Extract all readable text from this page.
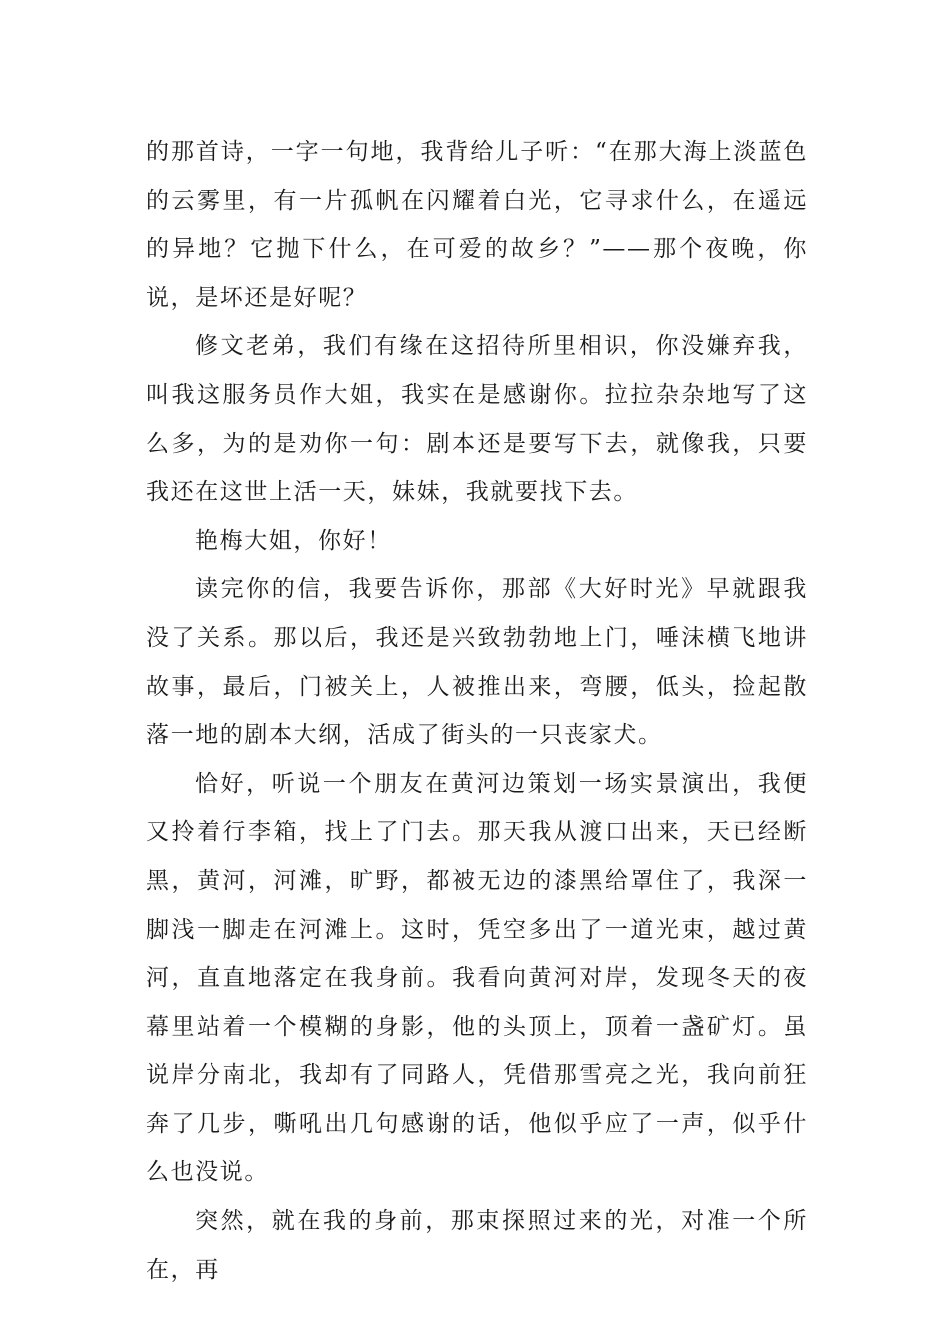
的那首诗，一字一句地，我背给儿子听：“在那大海上淡蓝色的云雾里，有一片孤帆在闪耀着白光，它寻求什么，在遥远的异地？它抛下什么，在可爱的故乡？”——那个夜晚，你说，是坏还是好呢？

修文老弟，我们有缘在这招待所里相识，你没嫌弃我，叫我这服务员作大姐，我实在是感谢你。拉拉杂杂地写了这么多，为的是劝你一句：剧本还是要写下去，就像我，只要我还在这世上活一天，妹妹，我就要找下去。

艳梅大姐，你好！

读完你的信，我要告诉你，那部《大好时光》早就跟我没了关系。那以后，我还是兴致勃勃地上门，唾沫横飞地讲故事，最后，门被关上，人被推出来，弯腰，低头，捡起散落一地的剧本大纲，活成了街头的一只丧家犬。

恰好，听说一个朋友在黄河边策划一场实景演出，我便又拎着行李箱，找上了门去。那天我从渡口出来，天已经断黑，黄河，河滩，旷野，都被无边的漆黑给罩住了，我深一脚浅一脚走在河滩上。这时，凭空多出了一道光束，越过黄河，直直地落定在我身前。我看向黄河对岸，发现冬天的夜幕里站着一个模糊的身影，他的头顶上，顶着一盏矿灯。虽说岸分南北，我却有了同路人，凭借那雪亮之光，我向前狂奔了几步，嘶吼出几句感谢的话，他似乎应了一声，似乎什么也没说。

突然，就在我的身前，那束探照过来的光，对准一个所在，再
